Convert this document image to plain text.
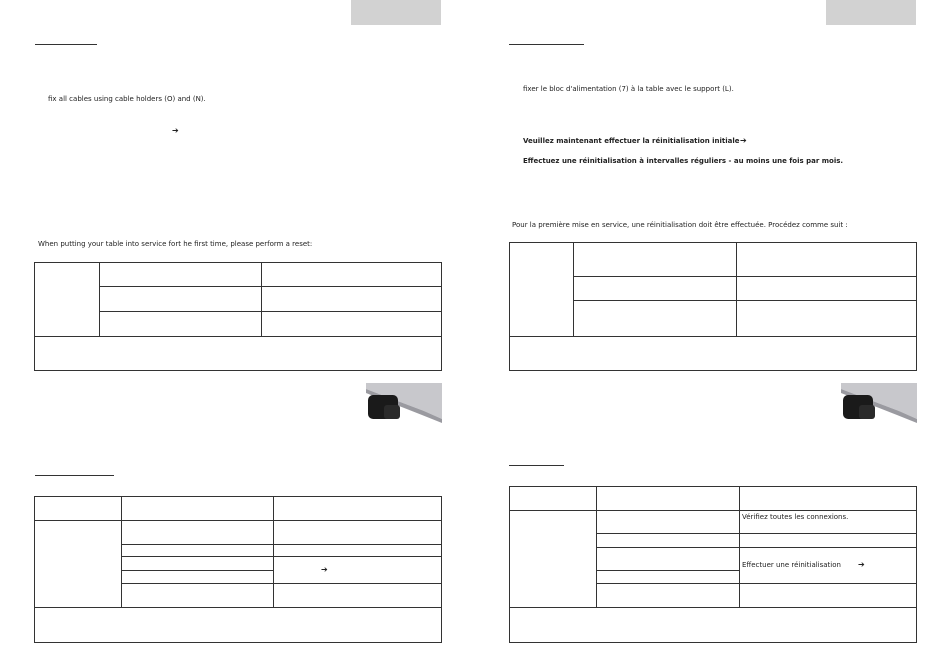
fix all cables using cable holders (O) and (N).
➔
When putting your table into service fort he first time, please perform a reset:
➔
fixer le bloc d'alimentation (7) à la table avec le support (L).
Veuillez maintenant effectuer la réinitialisation initiale ➔
Effectuez une réinitialisation à intervalles réguliers - au moins une fois par mois.
Pour la première mise en service, une réinitialisation doit être effectuée. Procédez comme suit :
Vérifiez toutes les connexions.
Effectuer une réinitialisation ➔
